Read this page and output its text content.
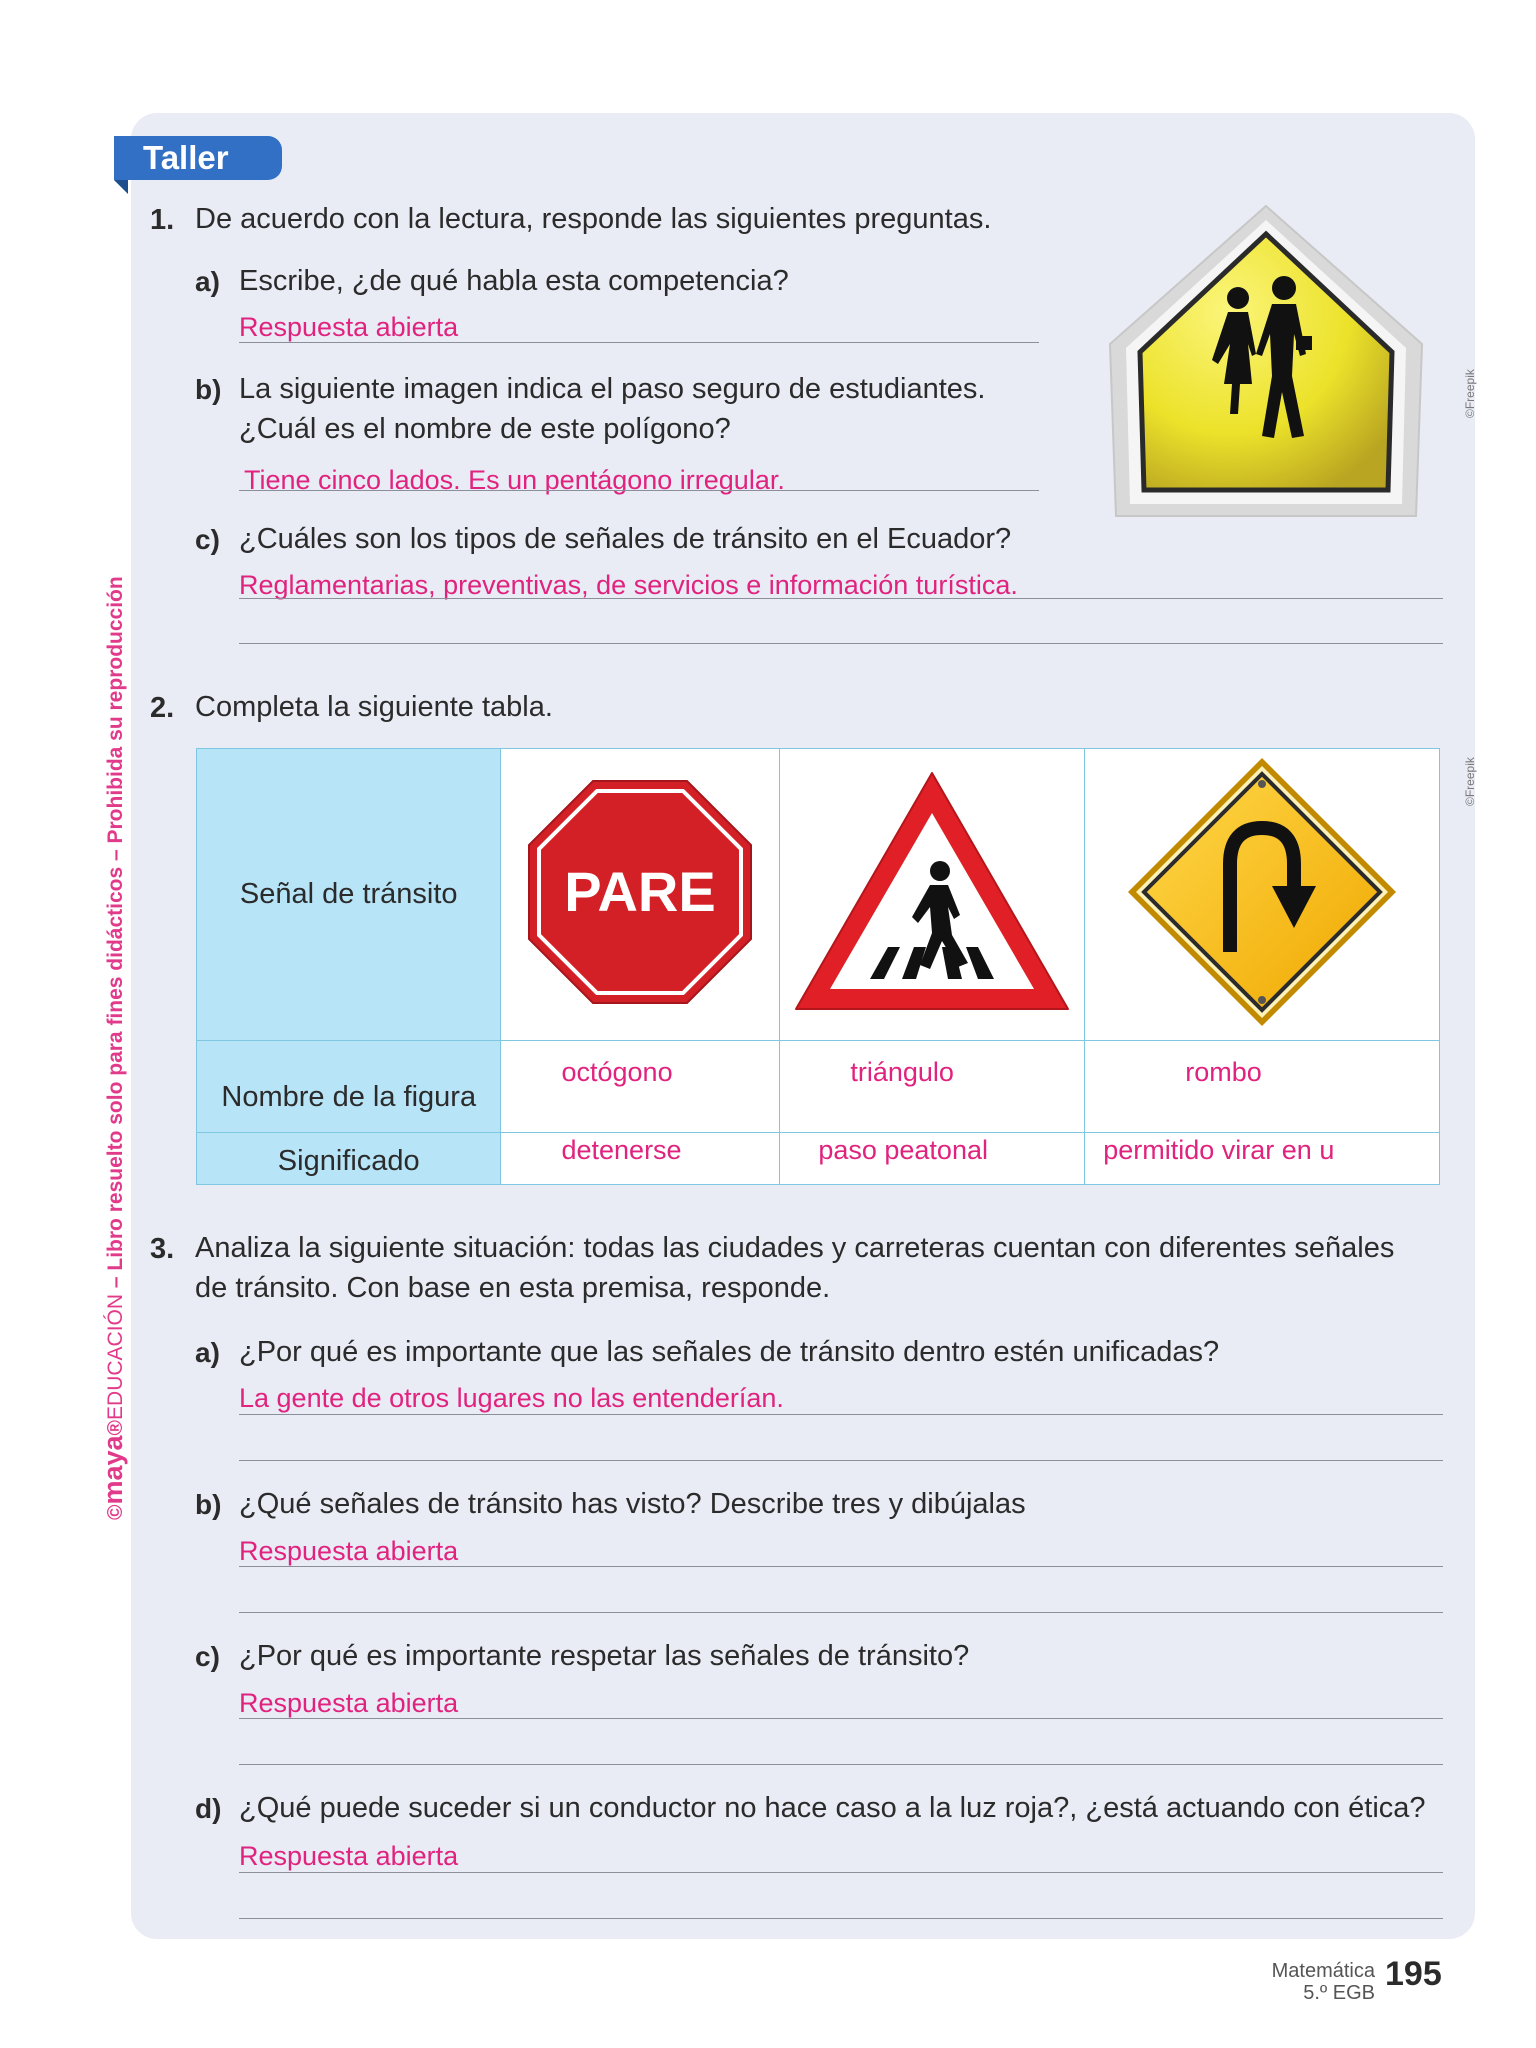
Taller
©maya®EDUCACIÓN – Libro resuelto solo para fines didácticos – Prohibida su reproducción
©Freepik
©Freepik
1. De acuerdo con la lectura, responde las siguientes preguntas.
a) Escribe, ¿de qué habla esta competencia?
Respuesta abierta
b) La siguiente imagen indica el paso seguro de estudiantes.
¿Cuál es el nombre de este polígono?
Tiene cinco lados. Es un pentágono irregular.
c) ¿Cuáles son los tipos de señales de tránsito en el Ecuador?
Reglamentarias, preventivas, de servicios e información turística.
2. Completa la siguiente tabla.
Señal de tránsito	PARE

Nombre de la figura	octógono	triángulo	rombo
Significado	detenerse	paso peatonal	permitido virar en u
3. Analiza la siguiente situación: todas las ciudades y carreteras cuentan con diferentes señales
de tránsito. Con base en esta premisa, responde.
a) ¿Por qué es importante que las señales de tránsito dentro estén unificadas?
La gente de otros lugares no las entenderían.
b) ¿Qué señales de tránsito has visto? Describe tres y dibújalas
Respuesta abierta
c) ¿Por qué es importante respetar las señales de tránsito?
Respuesta abierta
d) ¿Qué puede suceder si un conductor no hace caso a la luz roja?, ¿está actuando con ética?
Respuesta abierta
Matemática
5.º EGB 195
